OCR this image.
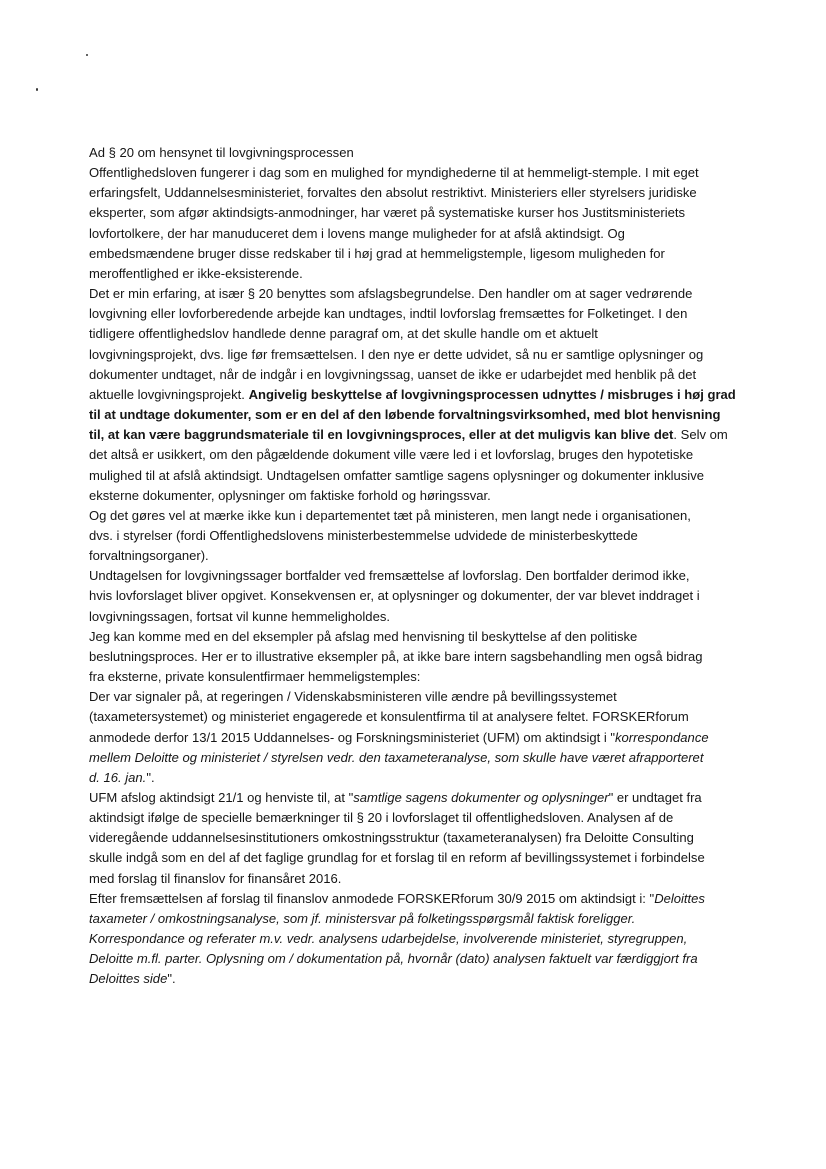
Ad § 20 om hensynet til lovgivningsprocessen
Offentlighedsloven fungerer i dag som en mulighed for myndighederne til at hemmeligt-stemple. I mit eget
erfaringsfelt, Uddannelsesministeriet, forvaltes den absolut restriktivt. Ministeriers eller styrelsers juridiske
eksperter, som afgør aktindsigts-anmodninger, har været på systematiske kurser hos Justitsministeriets
lovfortolkere, der har manuduceret dem i lovens mange muligheder for at afslå aktindsigt. Og
embedsmændene bruger disse redskaber til i høj grad at hemmeligstemple, ligesom muligheden for
meroffentlighed er ikke-eksisterende.
Det er min erfaring, at især § 20 benyttes som afslagsbegrundelse. Den handler om at sager vedrørende
lovgivning eller lovforberedende arbejde kan undtages, indtil lovforslag fremsættes for Folketinget. I den
tidligere offentlighedslov handlede denne paragraf om, at det skulle handle om et aktuelt
lovgivningsprojekt, dvs. lige før fremsættelsen. I den nye er dette udvidet, så nu er samtlige oplysninger og
dokumenter undtaget, når de indgår i en lovgivningssag, uanset de ikke er udarbejdet med henblik på det
aktuelle lovgivningsprojekt. Angivelig beskyttelse af lovgivningsprocessen udnyttes / misbruges i høj grad
til at undtage dokumenter, som er en del af den løbende forvaltningsvirksomhed, med blot henvisning
til, at kan være baggrundsmateriale til en lovgivningsproces, eller at det muligvis kan blive det. Selv om
det altså er usikkert, om den pågældende dokument ville være led i et lovforslag, bruges den hypotetiske
mulighed til at afslå aktindsigt. Undtagelsen omfatter samtlige sagens oplysninger og dokumenter inklusive
eksterne dokumenter, oplysninger om faktiske forhold og høringssvar.
Og det gøres vel at mærke ikke kun i departementet tæt på ministeren, men langt nede i organisationen,
dvs. i styrelser (fordi Offentlighedslovens ministerbestemmelse udvidede de ministerbeskyttede
forvaltningsorganer).
Undtagelsen for lovgivningssager bortfalder ved fremsættelse af lovforslag. Den bortfalder derimod ikke,
hvis lovforslaget bliver opgivet. Konsekvensen er, at oplysninger og dokumenter, der var blevet inddraget i
lovgivningssagen, fortsat vil kunne hemmeligholdes.
Jeg kan komme med en del eksempler på afslag med henvisning til beskyttelse af den politiske
beslutningsproces. Her er to illustrative eksempler på, at ikke bare intern sagsbehandling men også bidrag
fra eksterne, private konsulentfirmaer hemmeligstemples:
Der var signaler på, at regeringen / Videnskabsministeren ville ændre på bevillingssystemet
(taxametersystemet) og ministeriet engagerede et konsulentfirma til at analysere feltet. FORSKERforum
anmodede derfor 13/1 2015 Uddannelses- og Forskningsministeriet (UFM) om aktindsigt i "korrespondance
mellem Deloitte og ministeriet / styrelsen vedr. den taxameteranalyse, som skulle have været afrapporteret
d. 16. jan.".
UFM afslog aktindsigt 21/1 og henviste til, at "samtlige sagens dokumenter og oplysninger" er undtaget fra
aktindsigt ifølge de specielle bemærkninger til § 20 i lovforslaget til offentlighedsloven. Analysen af de
videregående uddannelsesinstitutioners omkostningsstruktur (taxameteranalysen) fra Deloitte Consulting
skulle indgå som en del af det faglige grundlag for et forslag til en reform af bevillingssystemet i forbindelse
med forslag til finanslov for finansåret 2016.
Efter fremsættelsen af forslag til finanslov anmodede FORSKERforum 30/9 2015 om aktindsigt i: "Deloittes
taxameter / omkostningsanalyse, som jf. ministersvar på folketingsspørgsmål faktisk foreligger.
Korrespondance og referater m.v. vedr. analysens udarbejdelse, involverende ministeriet, styregruppen,
Deloitte m.fl. parter. Oplysning om / dokumentation på, hvornår (dato) analysen faktuelt var færdiggjort fra
Deloittes side".
